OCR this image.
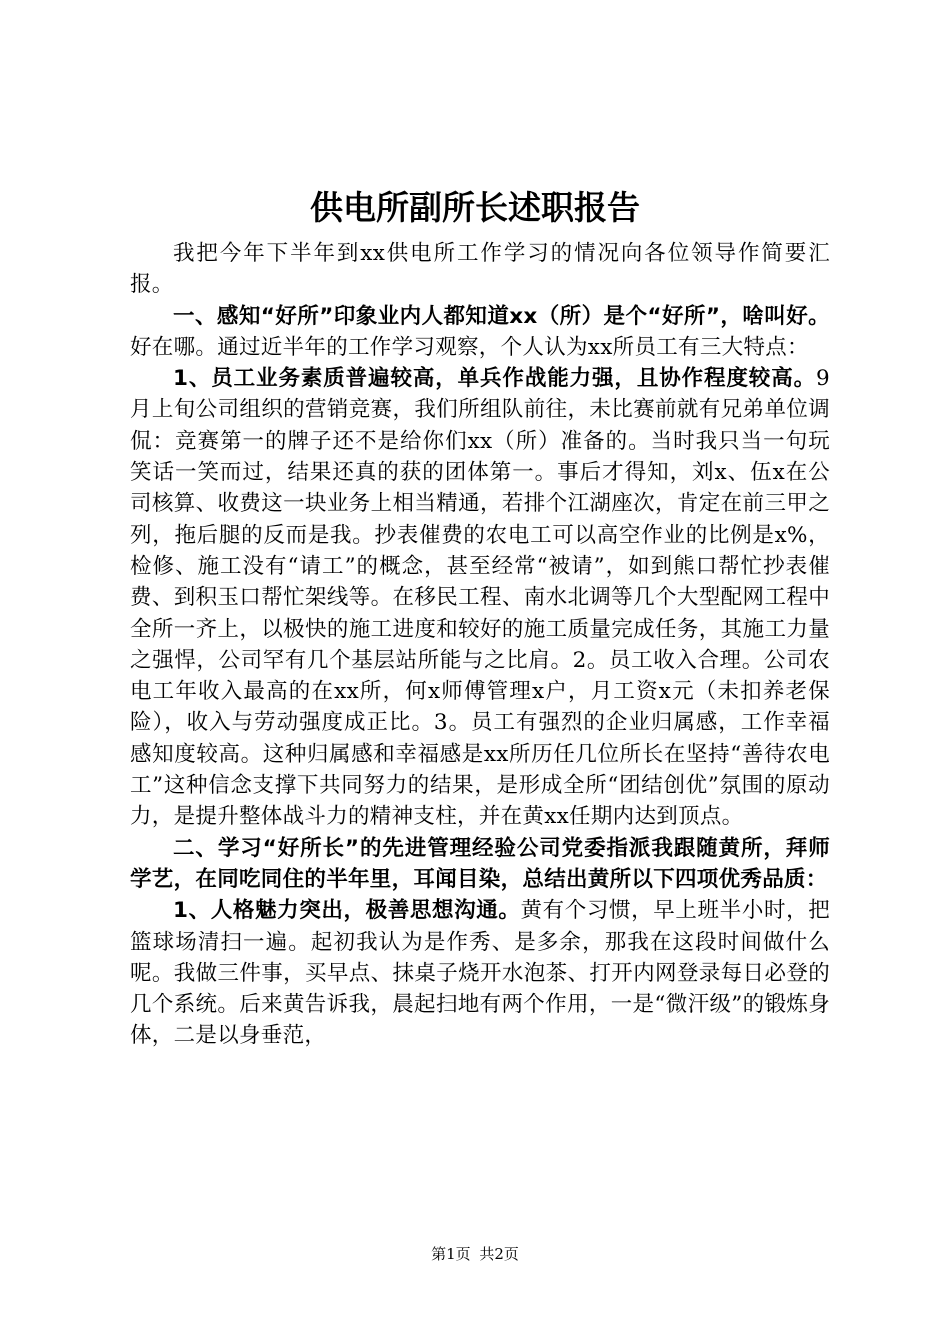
供电所副所长述职报告

我把今年下半年到xx供电所工作学习的情况向各位领导作简要汇报。

一、感知“好所”印象业内人都知道xx（所）是个“好所”，啥叫好。好在哪。通过近半年的工作学习观察，个人认为xx所员工有三大特点：

1、员工业务素质普遍较高，单兵作战能力强，且协作程度较高。9月上旬公司组织的营销竞赛，我们所组队前往，未比赛前就有兄弟单位调侃：竞赛第一的牌子还不是给你们xx（所）准备的。当时我只当一句玩笑话一笑而过，结果还真的获的团体第一。事后才得知，刘x、伍x在公司核算、收费这一块业务上相当精通，若排个江湖座次，肯定在前三甲之列，拖后腿的反而是我。抄表催费的农电工可以高空作业的比例是x%，检修、施工没有“请工”的概念，甚至经常“被请”，如到熊口帮忙抄表催费、到积玉口帮忙架线等。在移民工程、南水北调等几个大型配网工程中全所一齐上，以极快的施工进度和较好的施工质量完成任务，其施工力量之强悍，公司罕有几个基层站所能与之比肩。2。员工收入合理。公司农电工年收入最高的在xx所，何x师傅管理x户，月工资x元（未扣养老保险），收入与劳动强度成正比。3。员工有强烈的企业归属感，工作幸福感知度较高。这种归属感和幸福感是xx所历任几位所长在坚持“善待农电工”这种信念支撑下共同努力的结果，是形成全所“团结创优”氛围的原动力，是提升整体战斗力的精神支柱，并在黄xx任期内达到顶点。

二、学习“好所长”的先进管理经验公司党委指派我跟随黄所，拜师学艺，在同吃同住的半年里，耳闻目染，总结出黄所以下四项优秀品质：

1、人格魅力突出，极善思想沟通。黄有个习惯，早上班半小时，把篮球场清扫一遍。起初我认为是作秀、是多余，那我在这段时间做什么呢。我做三件事，买早点、抹桌子烧开水泡茶、打开内网登录每日必登的几个系统。后来黄告诉我，晨起扫地有两个作用，一是“微汗级”的锻炼身体，二是以身垂范，

第1页 共2页
